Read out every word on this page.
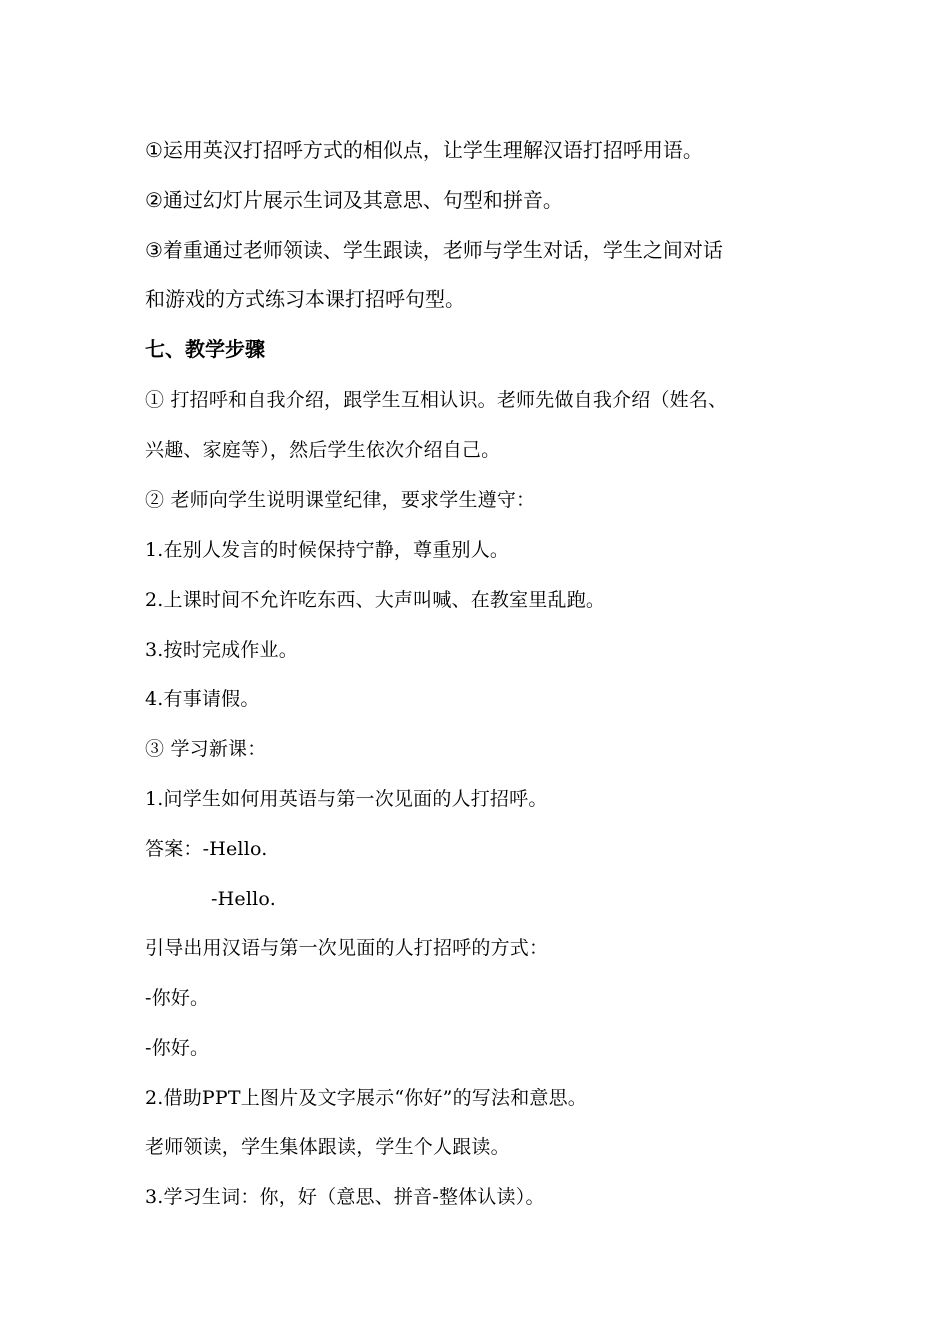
①运用英汉打招呼方式的相似点，让学生理解汉语打招呼用语。
②通过幻灯片展示生词及其意思、句型和拼音。
③着重通过老师领读、学生跟读，老师与学生对话，学生之间对话
和游戏的方式练习本课打招呼句型。
七、教学步骤
① 打招呼和自我介绍，跟学生互相认识。老师先做自我介绍（姓名、
兴趣、家庭等），然后学生依次介绍自己。
② 老师向学生说明课堂纪律，要求学生遵守：
1.在别人发言的时候保持宁静，尊重别人。
2.上课时间不允许吃东西、大声叫喊、在教室里乱跑。
3.按时完成作业。
4.有事请假。
③ 学习新课：
1.问学生如何用英语与第一次见面的人打招呼。
答案：-Hello.
-Hello.
引导出用汉语与第一次见面的人打招呼的方式：
-你好。
-你好。
2.借助PPT上图片及文字展示“你好”的写法和意思。
老师领读，学生集体跟读，学生个人跟读。
3.学习生词：你，好（意思、拼音-整体认读）。
